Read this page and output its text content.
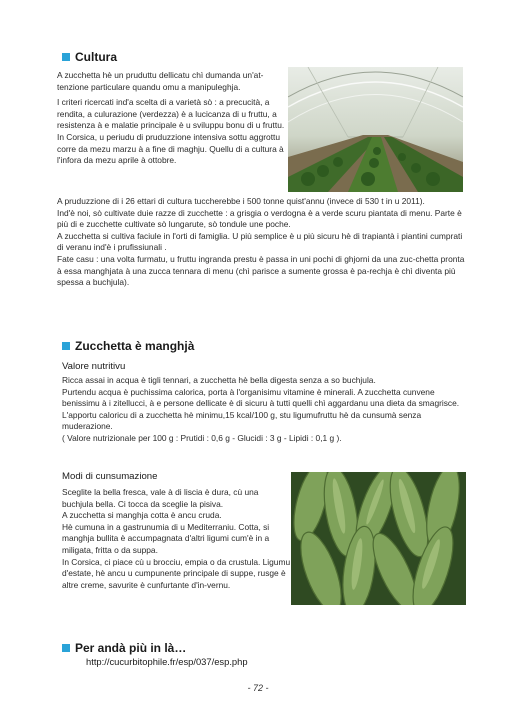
Cultura

A zucchetta hè un pruduttu dellicatu chì dumanda un'at-tenzione particulare quandu omu a manipuleghja.

I criteri ricercati ind'a scelta di a varietà sò : a precucità, a rendita, a culurazione (verdezza) è a lucicanza di u fruttu, a resistenza à e malatie principale è u sviluppu bonu di u fruttu.

In Corsica, u periudu di pruduzzione intensiva sottu aggrottu corre da mezu marzu à a fine di maghju. Quellu di a cultura à l'infora da mezu aprile à ottobre.

A pruduzzione di i 26 ettari di cultura tuccherebbe i 500 tonne quist'annu (invece di 530 t in u 2011).

Ind'è noi, sò cultivate duie razze di zucchette : a grisgia o verdogna è a verde scuru piantata di menu. Parte è più di e zucchette cultivate sò lungarute, sò tondule une poche.

A zucchetta si cultiva faciule in l'orti di famiglia. U più semplice è u più sicuru hè di trapiantà i piantini cumprati di veranu ind'è i prufissiunali .

Fate casu : una volta furmatu, u fruttu ingranda prestu è passa in uni pochi di ghjorni da una zuc-chetta pronta à essa manghjata à una zucca tennara di menu (chì parisce a sumente grossa è pa-rechja è chì diventa più spessa a buchjula).

Zucchetta è manghjà
Valore nutritivu

Ricca assai in acqua è tigli tennari, a zucchetta hè bella digesta senza a so buchjula.

Purtendu acqua è puchissima calorica, porta à l'organisimu vitamine è minerali. A zucchetta cunvene benissimu à i zitellucci, à e persone dellicate è di sicuru à tutti quelli chì aggardanu una dieta da smagrisce.

L'apportu caloricu di a zucchetta hè minimu,15 kcal/100 g, stu ligumufruttu hè da cunsumà senza muderazione.

( Valore nutrizionale per 100 g : Prutidi : 0,6 g - Glucidi : 3 g - Lipidi : 0,1 g ).

Modi di cunsumazione

Sceglite la bella fresca, vale à di liscia è dura, cù una buchjula bella. Ci tocca da sceglie la pisiva.

A zucchetta si manghja cotta è ancu cruda.

Hè cumuna in a gastrunumia di u Mediterraniu. Cotta, si manghja bullita è accumpagnata d'altri ligumi cum'è in a miligata, fritta o da suppa.

In Corsica, ci piace cù u brocciu, empia o da crustula. Ligumu d'estate, hè ancu u cumpunente principale di suppe, rusge è altre creme, savurite è cunfurtante d'in-vernu.

Per andà più in là…
http://cucurbitophile.fr/esp/037/esp.php
- 72 -
